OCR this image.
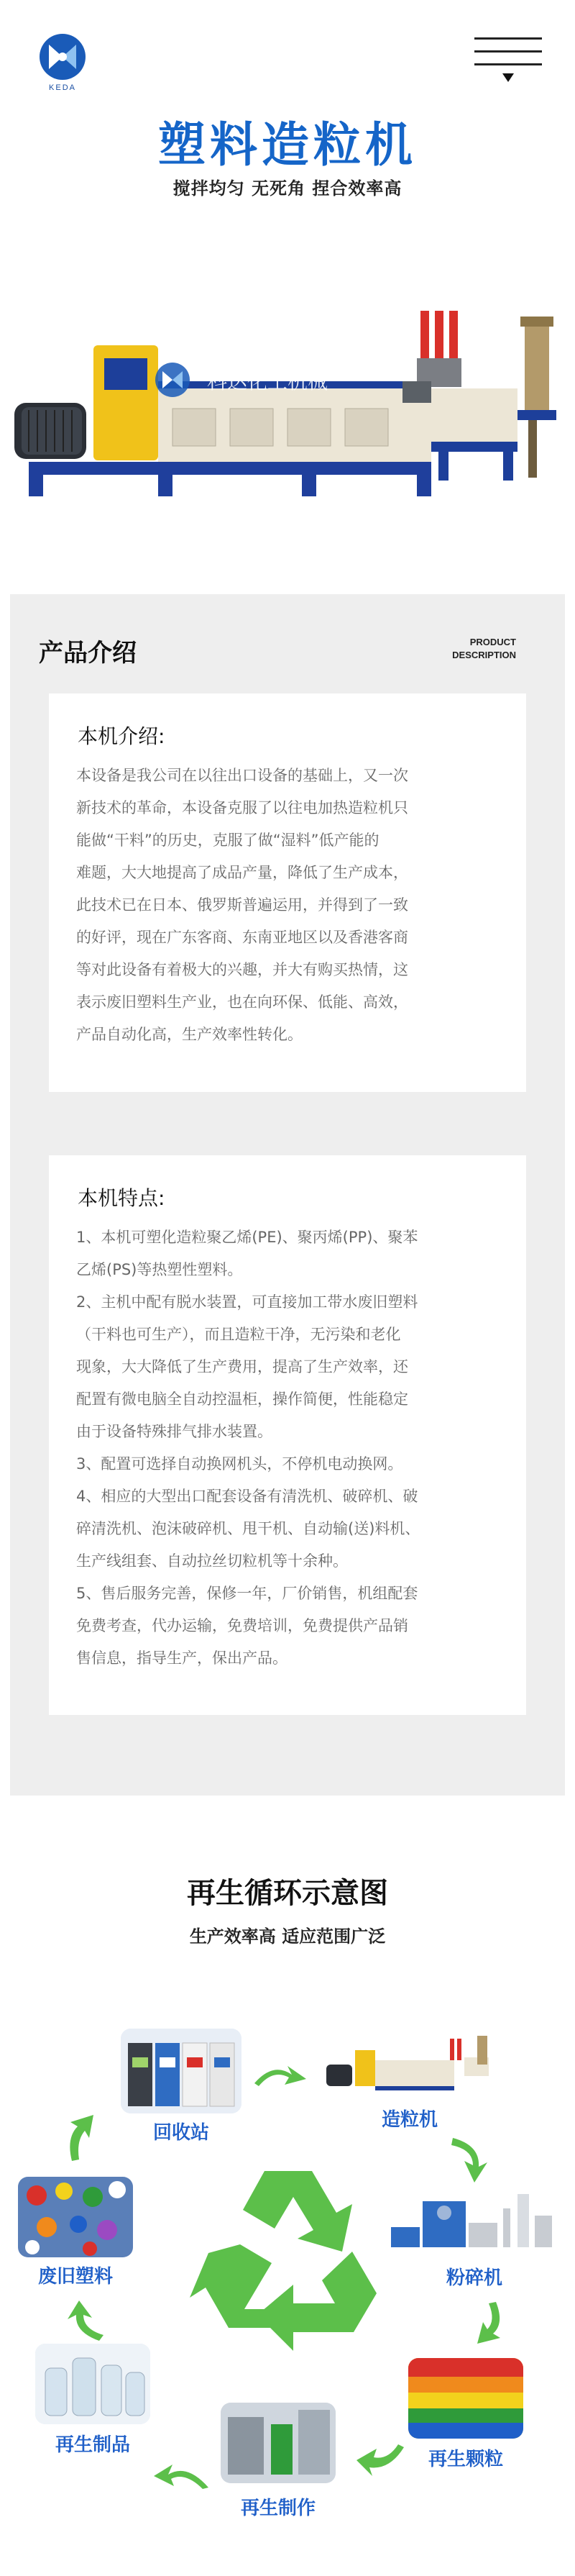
KEDA
塑料造粒机
搅拌均匀 无死角 捏合效率高
科达化工机械
产品介绍	PRODUCT
DESCRIPTION
本机介绍:

本设备是我公司在以往出口设备的基础上，又一次

新技术的革命，本设备克服了以往电加热造粒机只

能做“干料”的历史，克服了做“湿料”低产能的

难题，大大地提高了成品产量，降低了生产成本，

此技术已在日本、俄罗斯普遍运用，并得到了一致

的好评，现在广东客商、东南亚地区以及香港客商

等对此设备有着极大的兴趣，并大有购买热情，这

表示废旧塑料生产业，也在向环保、低能、高效，

产品自动化高，生产效率性转化。

本机特点:

1、本机可塑化造粒聚乙烯(PE)、聚丙烯(PP)、聚苯

乙烯(PS)等热塑性塑料。

2、主机中配有脱水装置，可直接加工带水废旧塑料

（干料也可生产），而且造粒干净，无污染和老化

现象，大大降低了生产费用，提高了生产效率，还

配置有微电脑全自动控温柜，操作简便，性能稳定

由于设备特殊排气排水装置。

3、配置可选择自动换网机头，不停机电动换网。

4、相应的大型出口配套设备有清洗机、破碎机、破

碎清洗机、泡沫破碎机、甩干机、自动输(送)料机、

生产线组套、自动拉丝切粒机等十余种。

5、售后服务完善，保修一年，厂价销售，机组配套

免费考查，代办运输，免费培训，免费提供产品销

售信息，指导生产，保出产品。

再生循环示意图
生产效率高 适应范围广泛
回收站
造粒机
粉碎机
再生颗粒
再生制作
再生制品
废旧塑料
